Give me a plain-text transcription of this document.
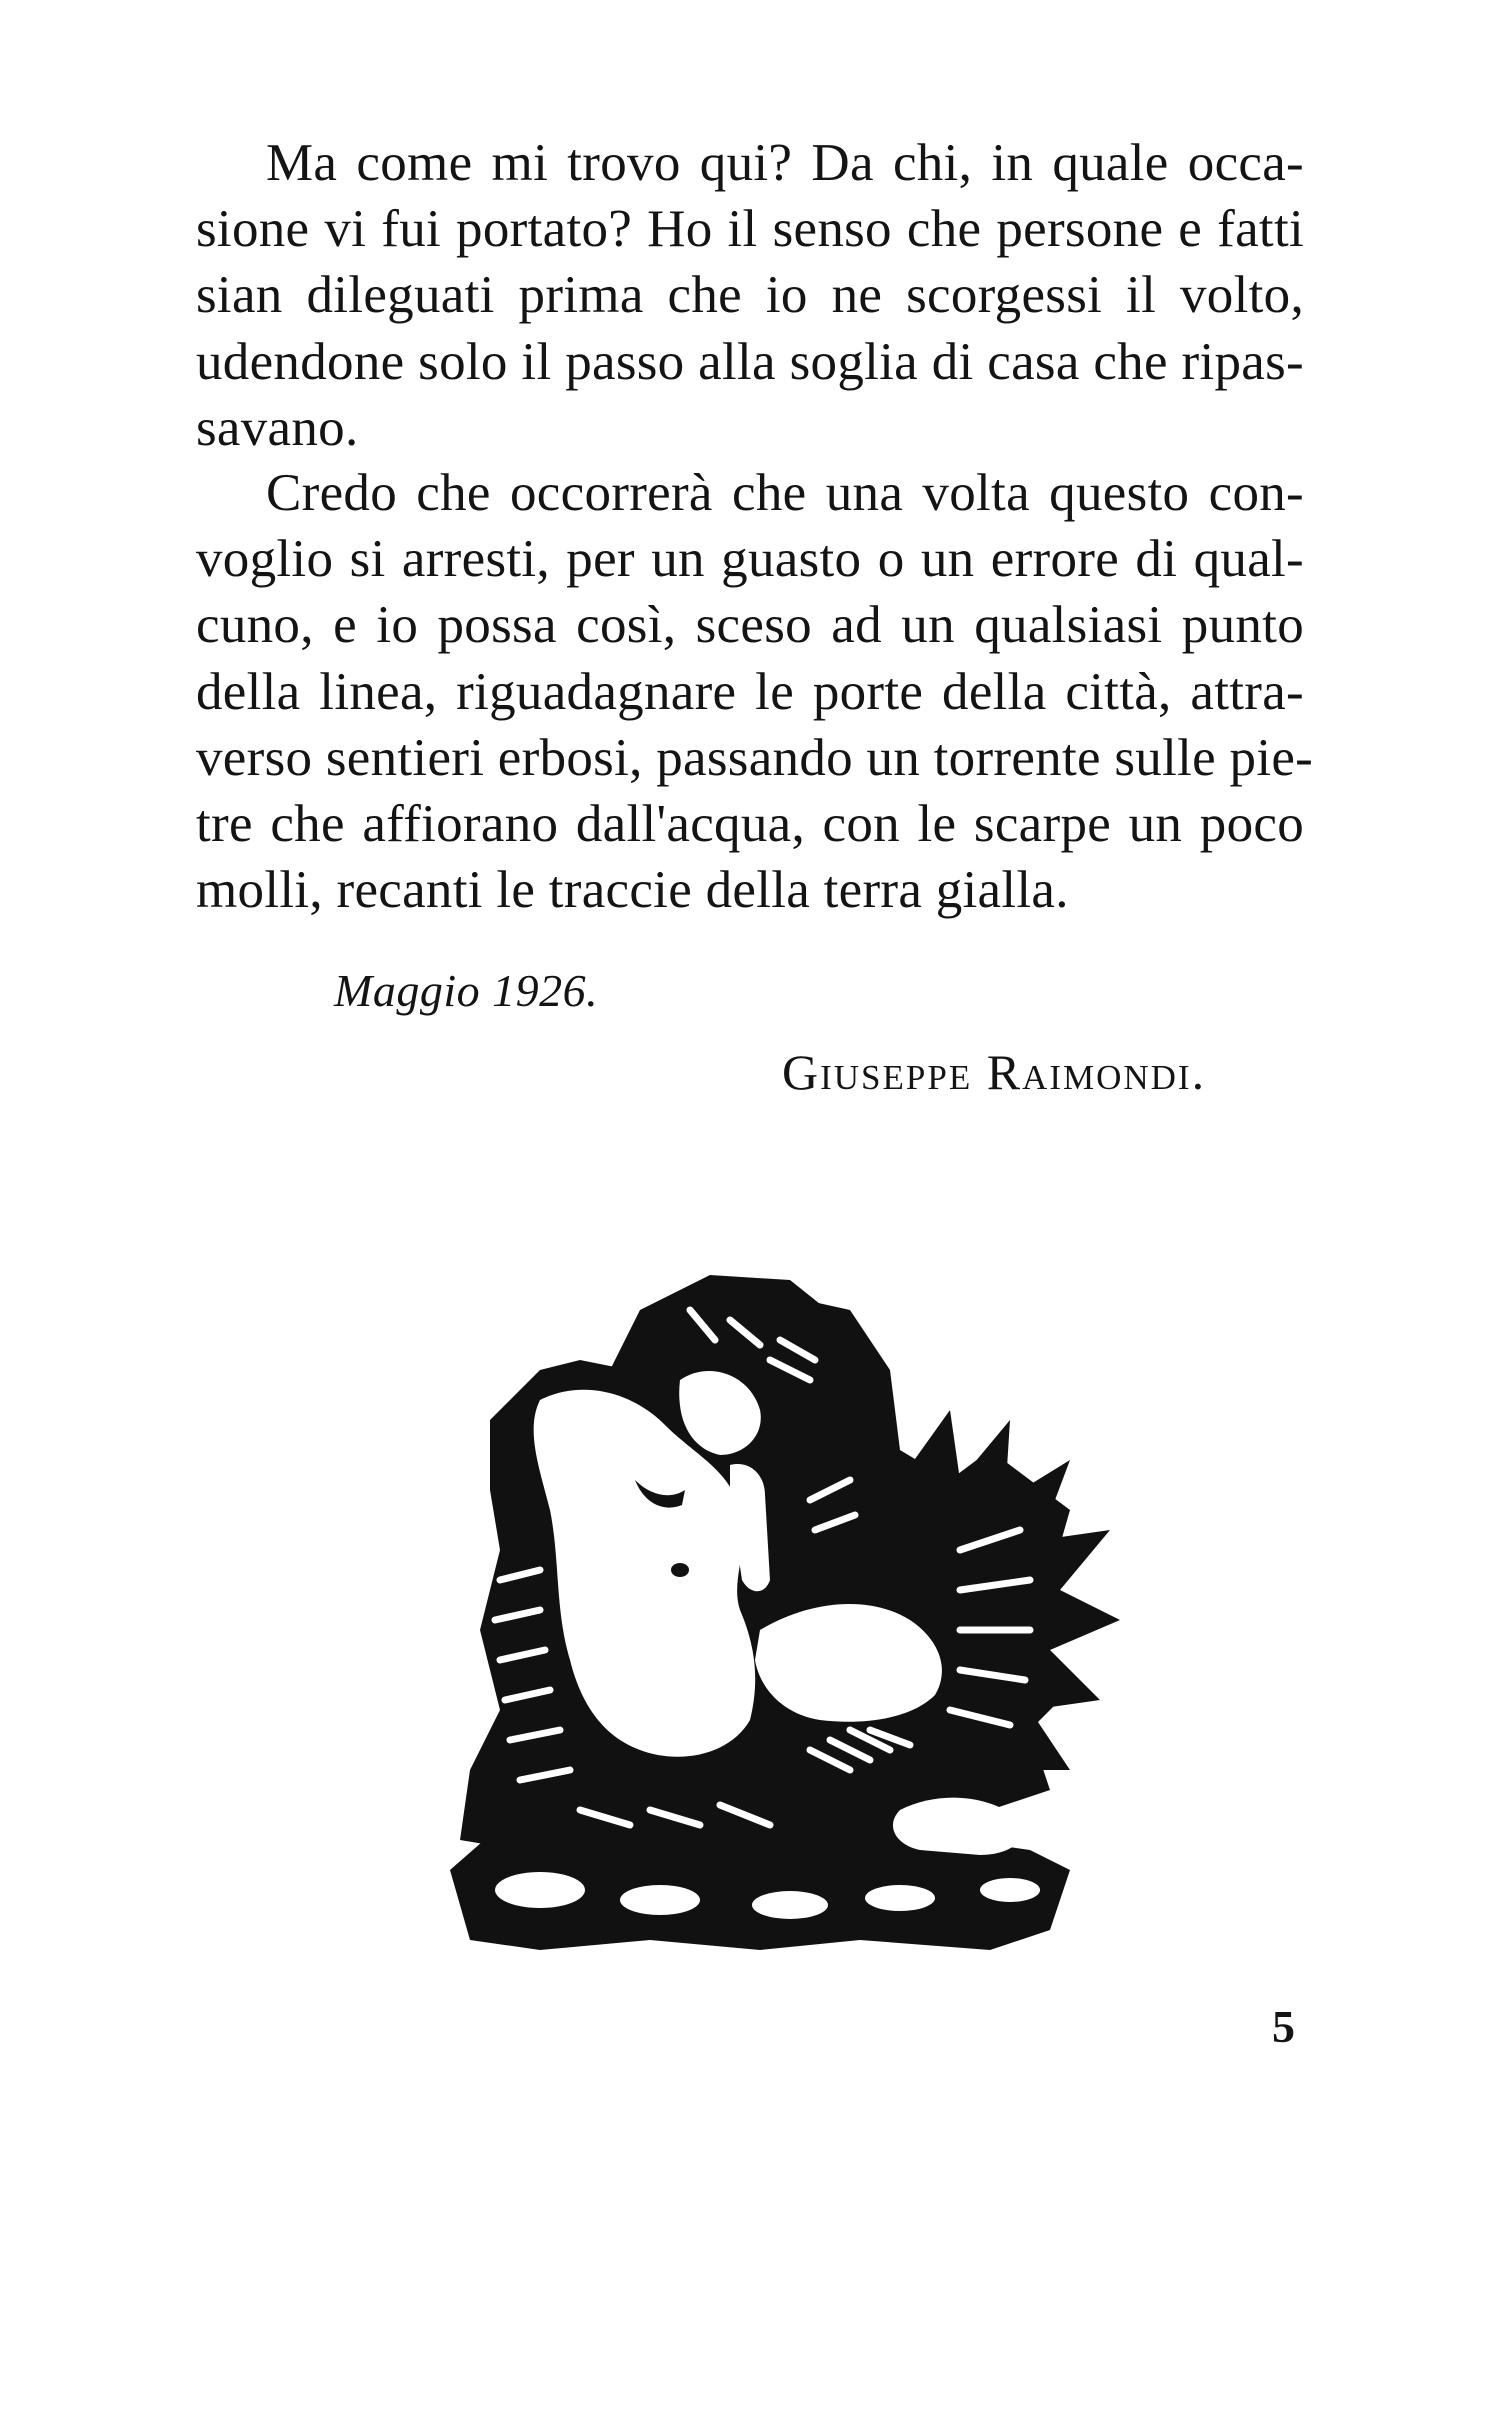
Ma come mi trovo qui? Da chi, in quale occa-
sione vi fui portato? Ho il senso che persone e fatti
sian dileguati prima che io ne scorgessi il volto,
udendone solo il passo alla soglia di casa che ripas-
savano.
Credo che occorrerà che una volta questo con-
voglio si arresti, per un guasto o un errore di qual-
cuno, e io possa così, sceso ad un qualsiasi punto
della linea, riguadagnare le porte della città, attra-
verso sentieri erbosi, passando un torrente sulle pie-
tre che affiorano dall'acqua, con le scarpe un poco
molli, recanti le traccie della terra gialla.
Maggio 1926.
Giuseppe Raimondi.
5
